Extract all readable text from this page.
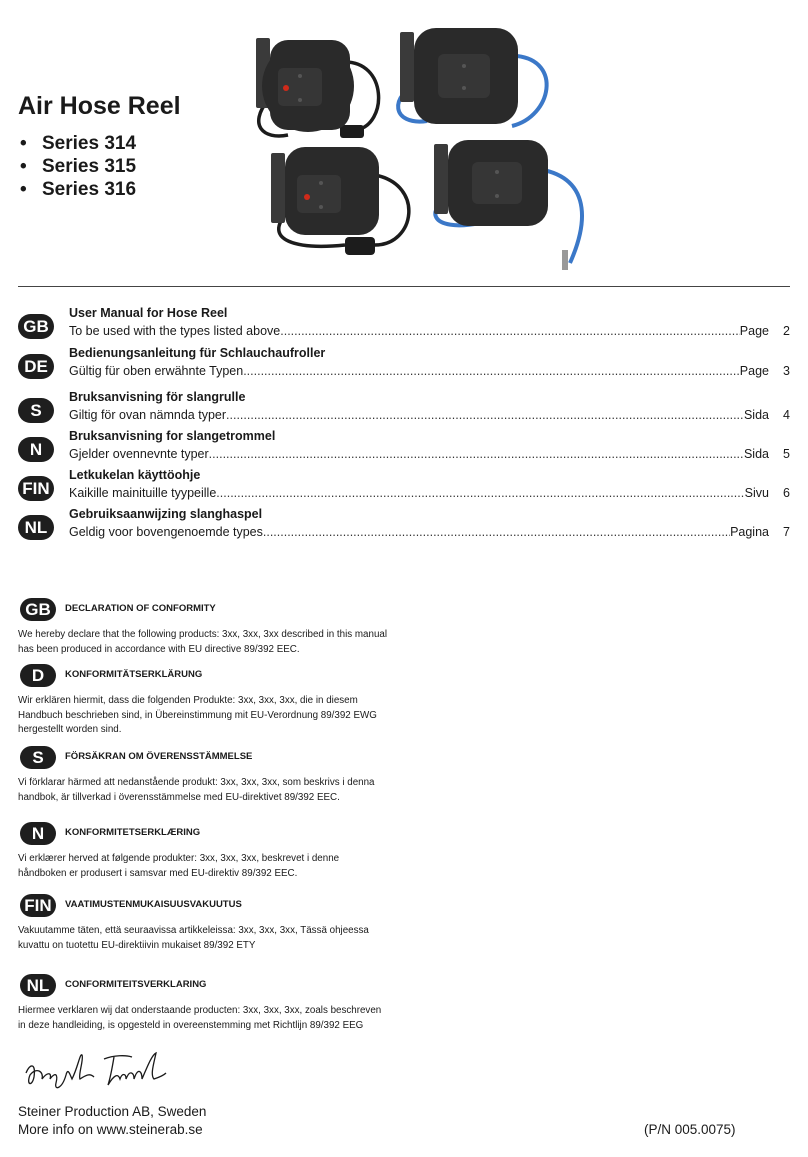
Air Hose Reel
• Series 314
• Series 315
• Series 316
GB
User Manual for Hose Reel
To be used with the types listed above .....	Page 2
DE
Bedienungsanleitung für Schlauchaufroller
Gültig für oben erwähnte Typen .....	Page 3
S
Bruksanvisning för slangrulle
Giltig för ovan nämnda typer .....	Sida 4
N
Bruksanvisning for slangetrommel
Gjelder ovennevnte typer .....	Sida 5
FIN
Letkukelan käyttöohje
Kaikille mainituille tyypeille .....	Sivu 6
NL
Gebruiksaanwijzing slanghaspel
Geldig voor bovengenoemde types .....	Pagina 7
GB	DECLARATION OF CONFORMITY

We hereby declare that the following products: 3xx, 3xx, 3xx described in this manual has been produced in accordance with EU directive 89/392 EEC.

D	KONFORMITÄTSERKLÄRUNG

Wir erklären hiermit, dass die folgenden Produkte: 3xx, 3xx, 3xx, die in diesem Handbuch beschrieben sind, in Übereinstimmung mit EU-Verordnung 89/392 EWG hergestellt worden sind.

S	FÖRSÄKRAN OM ÖVERENSSTÄMMELSE

Vi förklarar härmed att nedanstående produkt: 3xx, 3xx, 3xx, som beskrivs i denna handbok, är tillverkad i överensstämmelse med EU-direktivet 89/392 EEC.

N	KONFORMITETSERKLÆRING

Vi erklærer herved at følgende produkter: 3xx, 3xx, 3xx, beskrevet i denne håndboken er produsert i samsvar med EU-direktiv 89/392 EEC.

FIN	VAATIMUSTENMUKAISUUSVAKUUTUS

Vakuutamme täten, että seuraavissa artikkeleissa: 3xx, 3xx, 3xx, Tässä ohjeessa kuvattu on tuotettu EU-direktiivin mukaiset 89/392 ETY

NL	CONFORMITEITSVERKLARING

Hiermee verklaren wij dat onderstaande producten: 3xx, 3xx, 3xx, zoals beschreven in deze handleiding, is opgesteld in overeenstemming met Richtlijn 89/392 EEG

Steiner Production AB, Sweden
More info on www.steinerab.se	(P/N 005.0075)
